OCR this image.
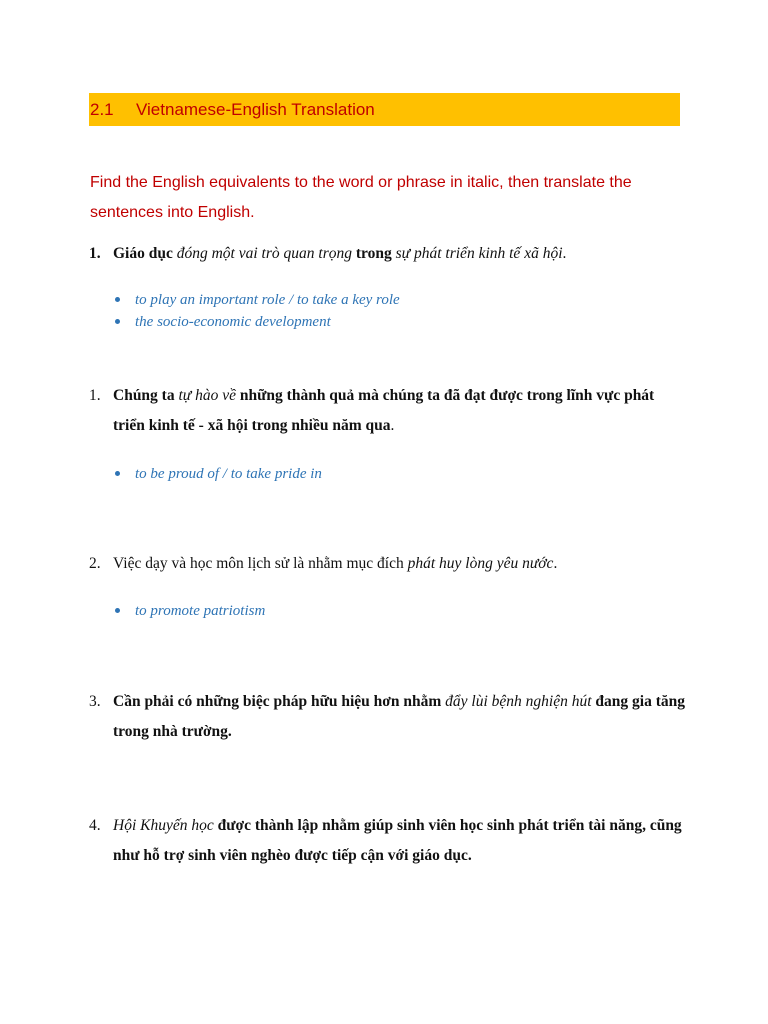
2.1	Vietnamese-English Translation
Find the English equivalents to the word or phrase in italic, then translate the sentences into English.
1. Giáo dục đóng một vai trò quan trọng trong sự phát triển kinh tế xã hội.
to play an important role / to take a key role
the socio-economic development
1. Chúng ta tự hào về những thành quả mà chúng ta đã đạt được trong lĩnh vực phát triển kinh tế - xã hội trong nhiều năm qua.
to be proud of / to take pride in
2. Việc dạy và học môn lịch sử là nhằm mục đích phát huy lòng yêu nước.
to promote patriotism
3. Cần phải có những biệc pháp hữu hiệu hơn nhằm đẩy lùi bệnh nghiện hút đang gia tăng trong nhà trường.
4. Hội Khuyến học được thành lập nhằm giúp sinh viên học sinh phát triển tài năng, cũng như hỗ trợ sinh viên nghèo được tiếp cận với giáo dục.
